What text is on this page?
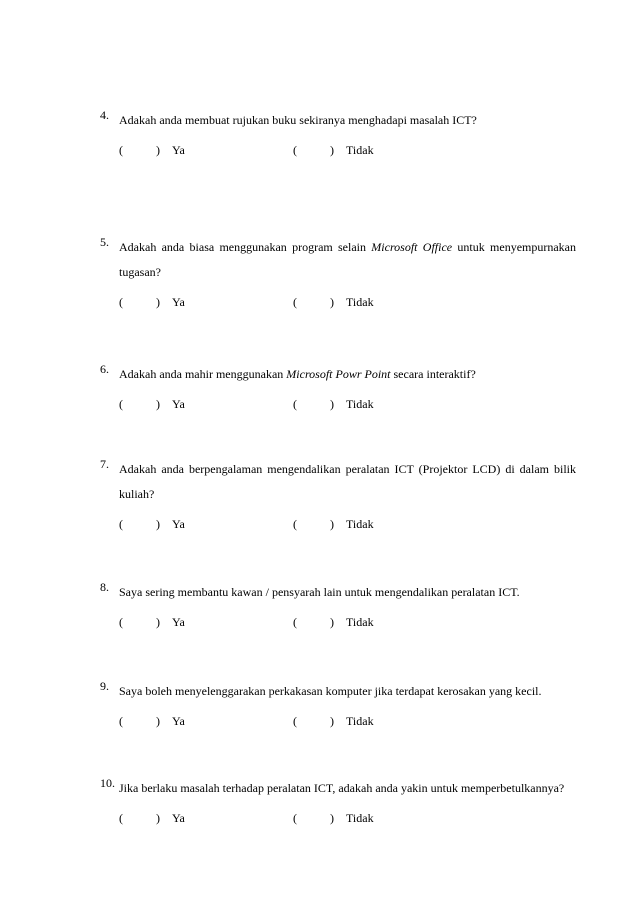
4. Adakah anda membuat rujukan buku sekiranya menghadapi masalah ICT?
(	) Ya	(	) Tidak
5. Adakah anda biasa menggunakan program selain Microsoft Office untuk menyempurnakan tugasan?
(	) Ya	(	) Tidak
6. Adakah anda mahir menggunakan Microsoft Powr Point secara interaktif?
(	) Ya	(	) Tidak
7. Adakah anda berpengalaman mengendalikan peralatan ICT (Projektor LCD) di dalam bilik kuliah?
(	) Ya	(	) Tidak
8. Saya sering membantu kawan / pensyarah lain untuk mengendalikan peralatan ICT.
(	) Ya	(	) Tidak
9. Saya boleh menyelenggarakan perkakasan komputer jika terdapat kerosakan yang kecil.
(	) Ya	(	) Tidak
10. Jika berlaku masalah terhadap peralatan ICT, adakah anda yakin untuk memperbetulkannya?
(	) Ya	(	) Tidak
